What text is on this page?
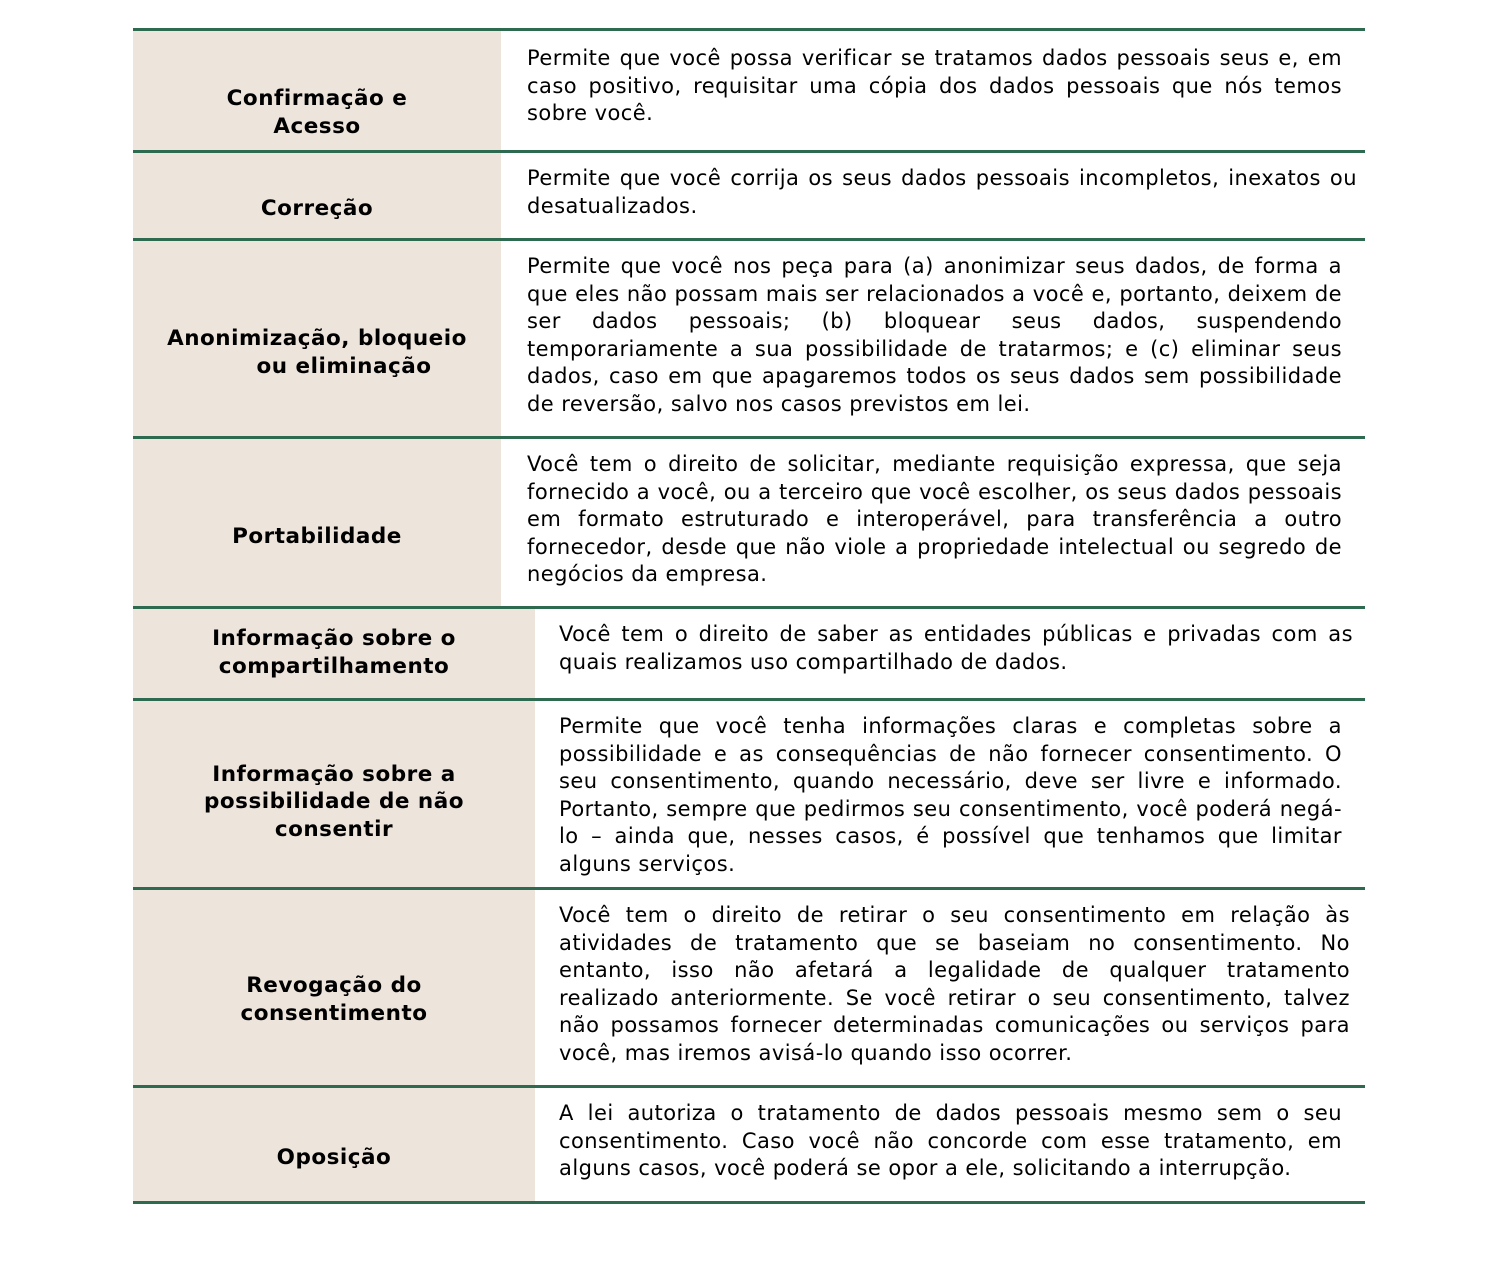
Confirmação e
Acesso
Permite que você possa verificar se tratamos dados pessoais seus e, em caso positivo, requisitar uma cópia dos dados pessoais que nós temos sobre você.
Correção
Permite que você corrija os seus dados pessoais incompletos, inexatos ou desatualizados.
Anonimização, bloqueio
ou eliminação
Permite que você nos peça para (a) anonimizar seus dados, de forma a que eles não possam mais ser relacionados a você e, portanto, deixem de ser dados pessoais; (b) bloquear seus dados, suspendendo temporariamente a sua possibilidade de tratarmos; e (c) eliminar seus dados, caso em que apagaremos todos os seus dados sem possibilidade de reversão, salvo nos casos previstos em lei.
Portabilidade
Você tem o direito de solicitar, mediante requisição expressa, que seja fornecido a você, ou a terceiro que você escolher, os seus dados pessoais em formato estruturado e interoperável, para transferência a outro fornecedor, desde que não viole a propriedade intelectual ou segredo de negócios da empresa.
Informação sobre o
compartilhamento
Você tem o direito de saber as entidades públicas e privadas com as quais realizamos uso compartilhado de dados.
Informação sobre a
possibilidade de não
consentir
Permite que você tenha informações claras e completas sobre a possibilidade e as consequências de não fornecer consentimento. O seu consentimento, quando necessário, deve ser livre e informado. Portanto, sempre que pedirmos seu consentimento, você poderá negá-lo – ainda que, nesses casos, é possível que tenhamos que limitar alguns serviços.
Revogação do
consentimento
Você tem o direito de retirar o seu consentimento em relação às atividades de tratamento que se baseiam no consentimento. No entanto, isso não afetará a legalidade de qualquer tratamento realizado anteriormente. Se você retirar o seu consentimento, talvez não possamos fornecer determinadas comunicações ou serviços para você, mas iremos avisá-lo quando isso ocorrer.
Oposição
A lei autoriza o tratamento de dados pessoais mesmo sem o seu consentimento. Caso você não concorde com esse tratamento, em alguns casos, você poderá se opor a ele, solicitando a interrupção.
